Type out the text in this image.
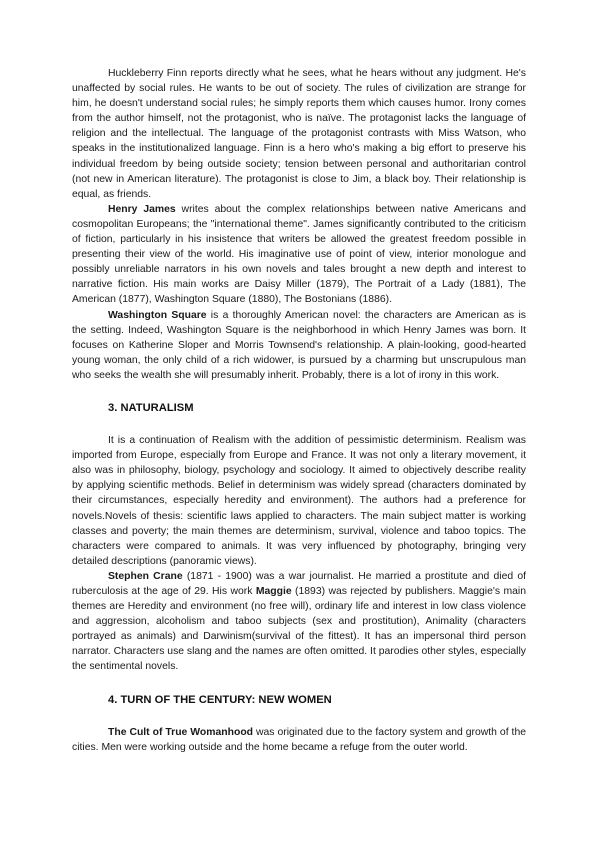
Huckleberry Finn reports directly what he sees, what he hears without any judgment. He's unaffected by social rules. He wants to be out of society. The rules of civilization are strange for him, he doesn't understand social rules; he simply reports them which causes humor. Irony comes from the author himself, not the protagonist, who is naïve. The protagonist lacks the language of religion and the intellectual. The language of the protagonist contrasts with Miss Watson, who speaks in the institutionalized language. Finn is a hero who's making a big effort to preserve his individual freedom by being outside society; tension between personal and authoritarian control (not new in American literature). The protagonist is close to Jim, a black boy. Their relationship is equal, as friends.

Henry James writes about the complex relationships between native Americans and cosmopolitan Europeans; the "international theme". James significantly contributed to the criticism of fiction, particularly in his insistence that writers be allowed the greatest freedom possible in presenting their view of the world. His imaginative use of point of view, interior monologue and possibly unreliable narrators in his own novels and tales brought a new depth and interest to narrative fiction. His main works are Daisy Miller (1879), The Portrait of a Lady (1881), The American (1877), Washington Square (1880), The Bostonians (1886).

Washington Square is a thoroughly American novel: the characters are American as is the setting. Indeed, Washington Square is the neighborhood in which Henry James was born. It focuses on Katherine Sloper and Morris Townsend's relationship. A plain-looking, good-hearted young woman, the only child of a rich widower, is pursued by a charming but unscrupulous man who seeks the wealth she will presumably inherit. Probably, there is a lot of irony in this work.

3. NATURALISM

It is a continuation of Realism with the addition of pessimistic determinism. Realism was imported from Europe, especially from Europe and France. It was not only a literary movement, it also was in philosophy, biology, psychology and sociology. It aimed to objectively describe reality by applying scientific methods. Belief in determinism was widely spread (characters dominated by their circumstances, especially heredity and environment). The authors had a preference for novels.Novels of thesis: scientific laws applied to characters. The main subject matter is working classes and poverty; the main themes are determinism, survival, violence and taboo topics. The characters were compared to animals. It was very influenced by photography, bringing very detailed descriptions (panoramic views).

Stephen Crane (1871 - 1900) was a war journalist. He married a prostitute and died of ruberculosis at the age of 29. His work Maggie (1893) was rejected by publishers. Maggie's main themes are Heredity and environment (no free will), ordinary life and interest in low class violence and aggression, alcoholism and taboo subjects (sex and prostitution), Animality (characters portrayed as animals) and Darwinism(survival of the fittest). It has an impersonal third person narrator. Characters use slang and the names are often omitted. It parodies other styles, especially the sentimental novels.

4. TURN OF THE CENTURY: NEW WOMEN

The Cult of True Womanhood was originated due to the factory system and growth of the cities. Men were working outside and the home became a refuge from the outer world.
